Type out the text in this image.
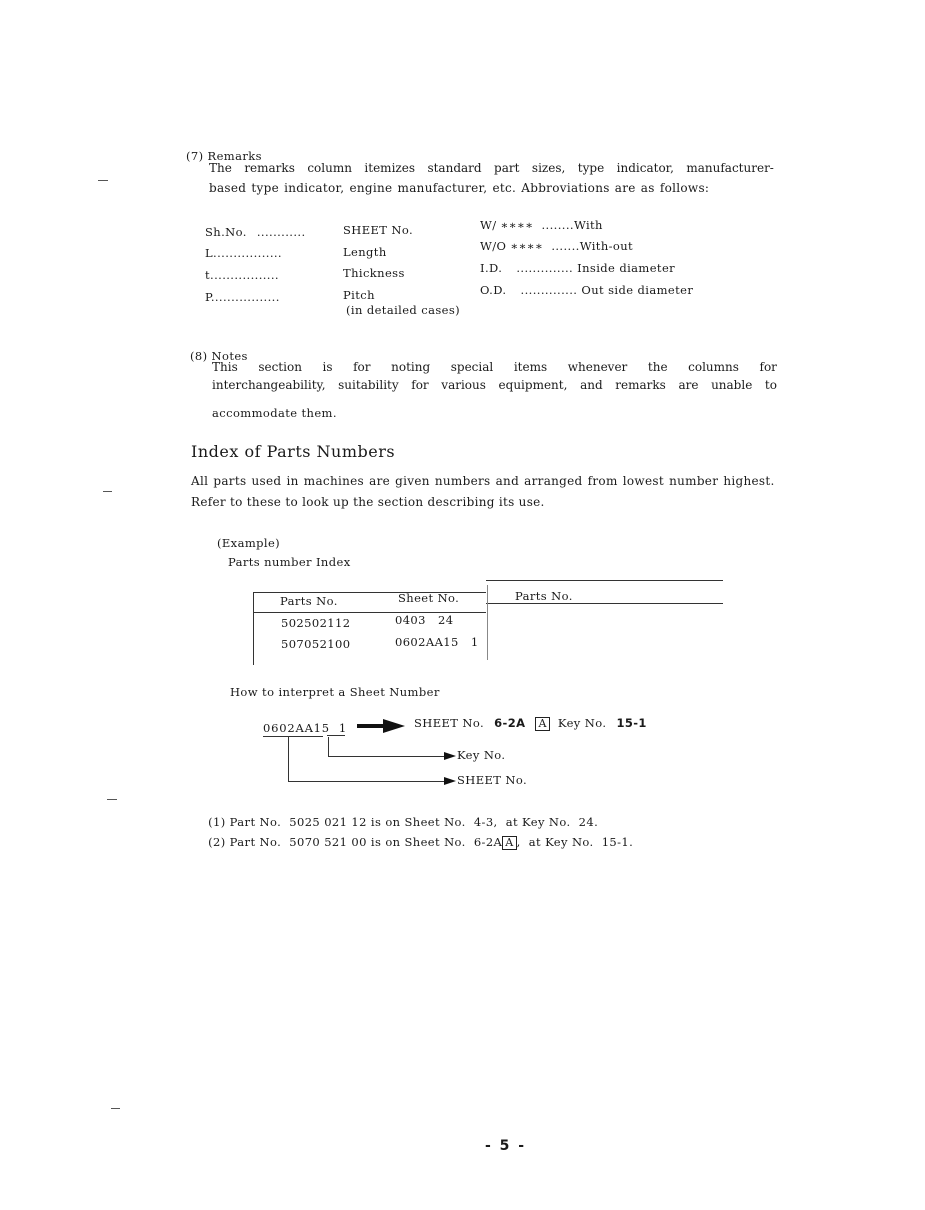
(7) Remarks
The remarks column itemizes standard part sizes, type indicator, manufacturer-
based type indicator, engine manufacturer, etc. Abbroviations are as follows:
Sh.No. ............	SHEET No.
L.................	Length
t.................	Thickness
P.................	Pitch
(in detailed cases)
W/ ∗∗∗∗ ........With
W/O ∗∗∗∗ .......With-out
I.D. .............. Inside diameter
O.D. .............. Out side diameter
(8) Notes
This section is for noting special items whenever the columns for
interchangeability, suitability for various equipment, and remarks are unable to
accommodate them.
Index of Parts Numbers
All parts used in machines are given numbers and arranged from lowest number highest.
Refer to these to look up the section describing its use.
(Example)
Parts number Index
Parts No.	Sheet No.	Parts No.
502502112	0403   24
507052100	0602AA15   1
How to interpret a Sheet Number
0602AA15  1	SHEET No. 6-2A A Key No. 15-1
Key No.
SHEET No.

(1) Part No.  5025 021 12 is on Sheet No.  4-3,  at Key No.  24.

(2) Part No.  5070 521 00 is on Sheet No.  6-2A A ,  at Key No.  15-1.

- 5 -
